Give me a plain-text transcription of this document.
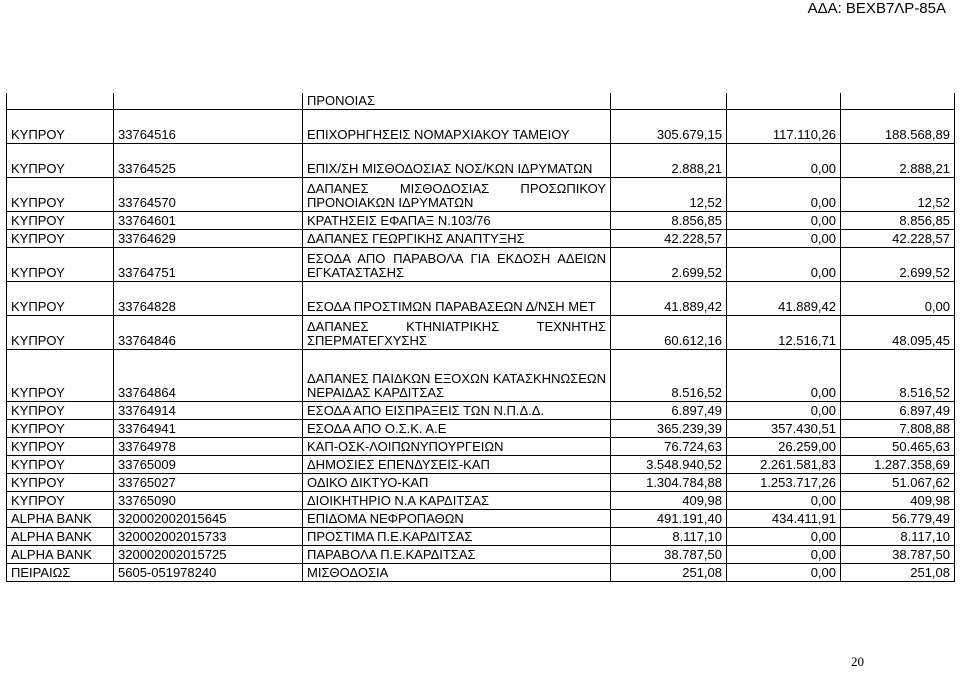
ΑΔΑ: ΒΕΧΒ7ΛΡ-85Α
		ΠΡΟΝΟΙΑΣ			
ΚΥΠΡΟΥ	33764516	ΕΠΙΧΟΡΗΓΗΣΕΙΣ ΝΟΜΑΡΧΙΑΚΟΥ ΤΑΜΕΙΟΥ	305.679,15	117.110,26	188.568,89
ΚΥΠΡΟΥ	33764525	ΕΠΙΧ/ΣΗ ΜΙΣΘΟΔΟΣΙΑΣ ΝΟΣ/ΚΩΝ ΙΔΡΥΜΑΤΩΝ	2.888,21	0,00	2.888,21
ΚΥΠΡΟΥ	33764570	ΔΑΠΑΝΕΣ ΜΙΣΘΟΔΟΣΙΑΣ ΠΡΟΣΩΠΙΚΟΥ ΠΡΟΝΟΙΑΚΩΝ ΙΔΡΥΜΑΤΩΝ	12,52	0,00	12,52
ΚΥΠΡΟΥ	33764601	ΚΡΑΤΗΣΕΙΣ ΕΦΑΠΑΞ Ν.103/76	8.856,85	0,00	8.856,85
ΚΥΠΡΟΥ	33764629	ΔΑΠΑΝΕΣ ΓΕΩΡΓΙΚΗΣ ΑΝΑΠΤΥΞΗΣ	42.228,57	0,00	42.228,57
ΚΥΠΡΟΥ	33764751	ΕΣΟΔΑ ΑΠΟ ΠΑΡΑΒΟΛΑ ΓΙΑ ΕΚΔΟΣΗ ΑΔΕΙΩΝ ΕΓΚΑΤΑΣΤΑΣΗΣ	2.699,52	0,00	2.699,52
ΚΥΠΡΟΥ	33764828	ΕΣΟΔΑ ΠΡΟΣΤΙΜΩΝ ΠΑΡΑΒΑΣΕΩΝ Δ/ΝΣΗ ΜΕΤ	41.889,42	41.889,42	0,00
ΚΥΠΡΟΥ	33764846	ΔΑΠΑΝΕΣ ΚΤΗΝΙΑΤΡΙΚΗΣ ΤΕΧΝΗΤΗΣ ΣΠΕΡΜΑΤΕΓΧΥΣΗΣ	60.612,16	12.516,71	48.095,45
ΚΥΠΡΟΥ	33764864	ΔΑΠΑΝΕΣ ΠΑΙΔΚΩΝ ΕΞΟΧΩΝ ΚΑΤΑΣΚΗΝΩΣΕΩΝ ΝΕΡΑΙΔΑΣ ΚΑΡΔΙΤΣΑΣ	8.516,52	0,00	8.516,52
ΚΥΠΡΟΥ	33764914	ΕΣΟΔΑ ΑΠΟ ΕΙΣΠΡΑΞΕΙΣ ΤΩΝ Ν.Π.Δ.Δ.	6.897,49	0,00	6.897,49
ΚΥΠΡΟΥ	33764941	ΕΣΟΔΑ ΑΠΟ Ο.Σ.Κ. Α.Ε	365.239,39	357.430,51	7.808,88
ΚΥΠΡΟΥ	33764978	ΚΑΠ-ΟΣΚ-ΛΟΙΠΩΝΥΠΟΥΡΓΕΙΩΝ	76.724,63	26.259,00	50.465,63
ΚΥΠΡΟΥ	33765009	ΔΗΜΟΣΙΕΣ ΕΠΕΝΔΥΣΕΙΣ-ΚΑΠ	3.548.940,52	2.261.581,83	1.287.358,69
ΚΥΠΡΟΥ	33765027	ΟΔΙΚΟ ΔΙΚΤΥΟ-ΚΑΠ	1.304.784,88	1.253.717,26	51.067,62
ΚΥΠΡΟΥ	33765090	ΔΙΟΙΚΗΤΗΡΙΟ Ν.Α ΚΑΡΔΙΤΣΑΣ	409,98	0,00	409,98
ALPHA BANK	320002002015645	ΕΠΙΔΟΜΑ ΝΕΦΡΟΠΑΘΩΝ	491.191,40	434.411,91	56.779,49
ALPHA BANK	320002002015733	ΠΡΟΣΤΙΜΑ Π.Ε.ΚΑΡΔΙΤΣΑΣ	8.117,10	0,00	8.117,10
ALPHA BANK	320002002015725	ΠΑΡΑΒΟΛΑ Π.Ε.ΚΑΡΔΙΤΣΑΣ	38.787,50	0,00	38.787,50
ΠΕΙΡΑΙΩΣ	5605-051978240	ΜΙΣΘΟΔΟΣΙΑ	251,08	0,00	251,08
20
